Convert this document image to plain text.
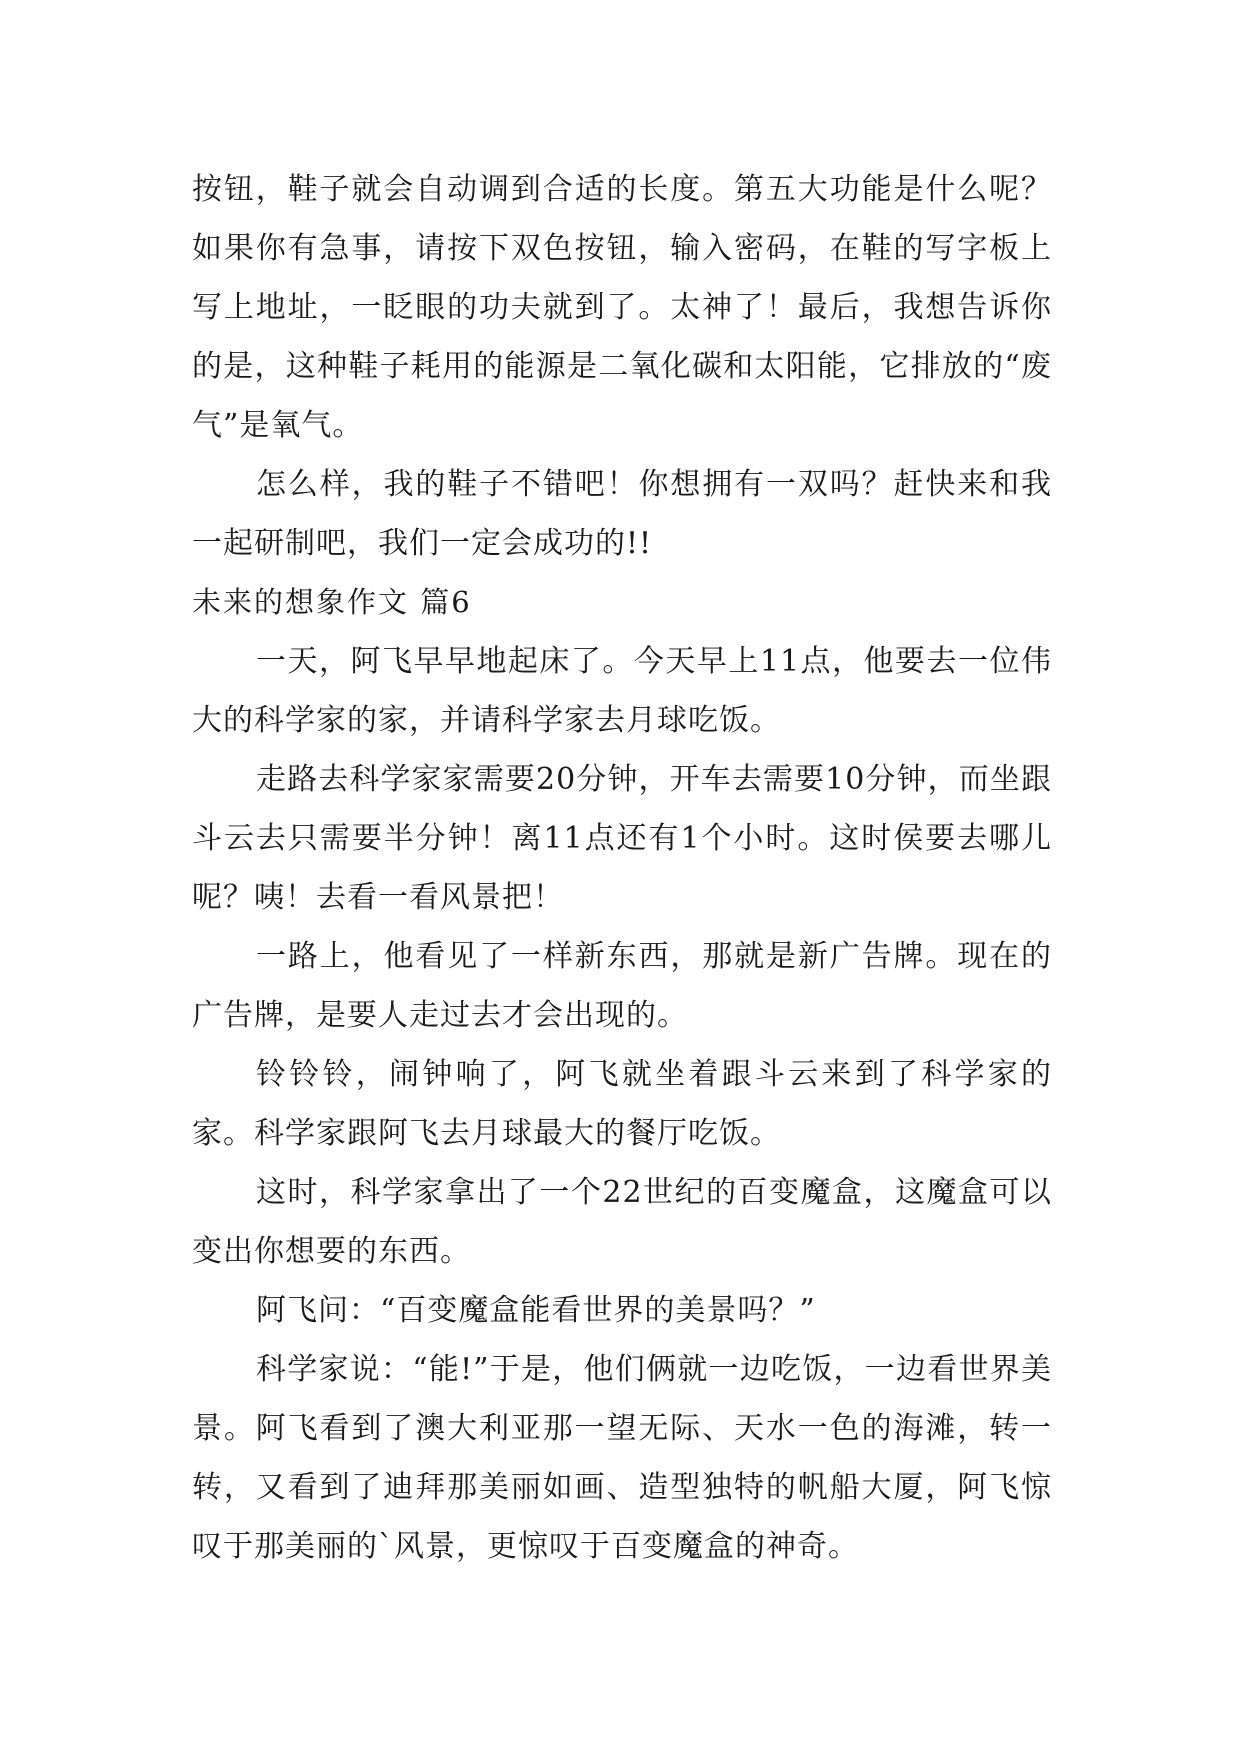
按钮，鞋子就会自动调到合适的长度。第五大功能是什么呢？如果你有急事，请按下双色按钮，输入密码，在鞋的写字板上写上地址，一眨眼的功夫就到了。太神了！最后，我想告诉你的是，这种鞋子耗用的能源是二氧化碳和太阳能，它排放的“废气”是氧气。

怎么样，我的鞋子不错吧！你想拥有一双吗？赶快来和我一起研制吧，我们一定会成功的!!

未来的想象作文 篇6

一天，阿飞早早地起床了。今天早上11点，他要去一位伟大的科学家的家，并请科学家去月球吃饭。

走路去科学家家需要20分钟，开车去需要10分钟，而坐跟斗云去只需要半分钟！离11点还有1个小时。这时侯要去哪儿呢？咦！去看一看风景把！

一路上，他看见了一样新东西，那就是新广告牌。现在的广告牌，是要人走过去才会出现的。

铃铃铃，闹钟响了，阿飞就坐着跟斗云来到了科学家的家。科学家跟阿飞去月球最大的餐厅吃饭。

这时，科学家拿出了一个22世纪的百变魔盒，这魔盒可以变出你想要的东西。

阿飞问：“百变魔盒能看世界的美景吗？”

科学家说：“能!”于是，他们俩就一边吃饭，一边看世界美景。阿飞看到了澳大利亚那一望无际、天水一色的海滩，转一转，又看到了迪拜那美丽如画、造型独特的帆船大厦，阿飞惊叹于那美丽的`风景，更惊叹于百变魔盒的神奇。
